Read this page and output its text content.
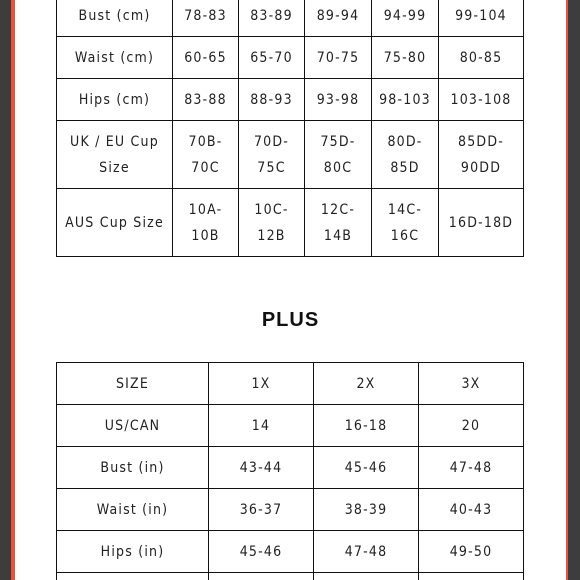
Bust (cm)	78-83	83-89	89-94	94-99	99-104
Waist (cm)	60-65	65-70	70-75	75-80	80-85
Hips (cm)	83-88	88-93	93-98	98-103	103-108
UK / EU Cup Size	70B-70C	70D-75C	75D-80C	80D-85D	85DD-90DD
AUS Cup Size	10A-10B	10C-12B	12C-14B	14C-16C	16D-18D
PLUS
SIZE	1X	2X	3X
US/CAN	14	16-18	20
Bust (in)	43-44	45-46	47-48
Waist (in)	36-37	38-39	40-43
Hips (in)	45-46	47-48	49-50
